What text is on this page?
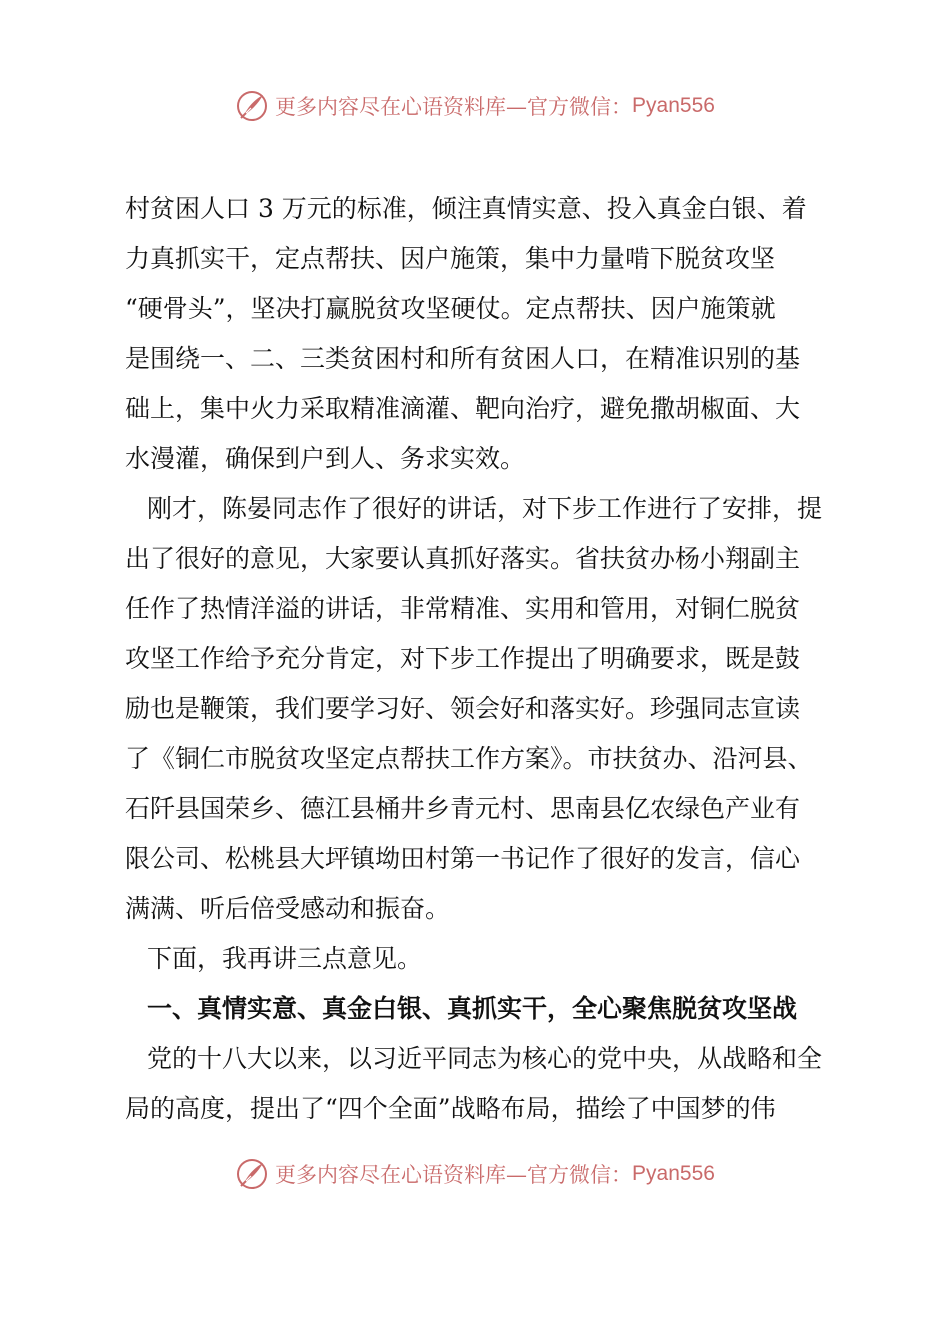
更多内容尽在心语资料库—官方微信： Pyan556
村贫困人口 3 万元的标准，倾注真情实意、投入真金白银、着
力真抓实干，定点帮扶、因户施策，集中力量啃下脱贫攻坚
“硬骨头”，坚决打赢脱贫攻坚硬仗。定点帮扶、因户施策就
是围绕一、二、三类贫困村和所有贫困人口，在精准识别的基
础上，集中火力采取精准滴灌、靶向治疗，避免撒胡椒面、大
水漫灌，确保到户到人、务求实效。
刚才，陈晏同志作了很好的讲话，对下步工作进行了安排，提
出了很好的意见，大家要认真抓好落实。省扶贫办杨小翔副主
任作了热情洋溢的讲话，非常精准、实用和管用，对铜仁脱贫
攻坚工作给予充分肯定，对下步工作提出了明确要求，既是鼓
励也是鞭策，我们要学习好、领会好和落实好。珍强同志宣读
了《铜仁市脱贫攻坚定点帮扶工作方案》。市扶贫办、沿河县、
石阡县国荣乡、德江县桶井乡青元村、思南县亿农绿色产业有
限公司、松桃县大坪镇坳田村第一书记作了很好的发言，信心
满满、听后倍受感动和振奋。
下面，我再讲三点意见。
一、真情实意、真金白银、真抓实干，全心聚焦脱贫攻坚战
党的十八大以来，以习近平同志为核心的党中央，从战略和全
局的高度，提出了“四个全面”战略布局，描绘了中国梦的伟
更多内容尽在心语资料库—官方微信： Pyan556
